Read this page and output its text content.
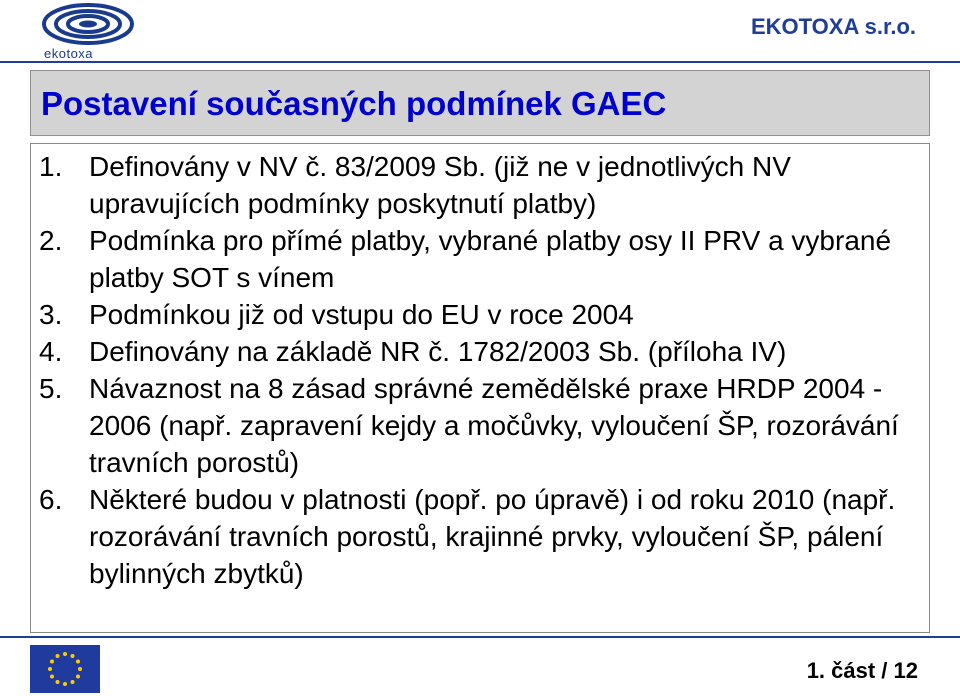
ekotoxa
EKOTOXA s.r.o.
Postavení současných podmínek GAEC
1. Definovány v NV č. 83/2009 Sb. (již ne v jednotlivých NV upravujících podmínky poskytnutí platby)
2. Podmínka pro přímé platby, vybrané platby osy II PRV a vybrané platby SOT s vínem
3. Podmínkou již od vstupu do EU v roce 2004
4. Definovány na základě NR č. 1782/2003 Sb. (příloha IV)
5. Návaznost na 8 zásad správné zemědělské praxe HRDP 2004 - 2006 (např. zapravení kejdy a močůvky, vyloučení ŠP, rozorávání travních porostů)
6. Některé budou v platnosti (popř. po úpravě) i od roku 2010 (např. rozorávání travních porostů, krajinné prvky, vyloučení ŠP, pálení bylinných zbytků)
1. část / 12
